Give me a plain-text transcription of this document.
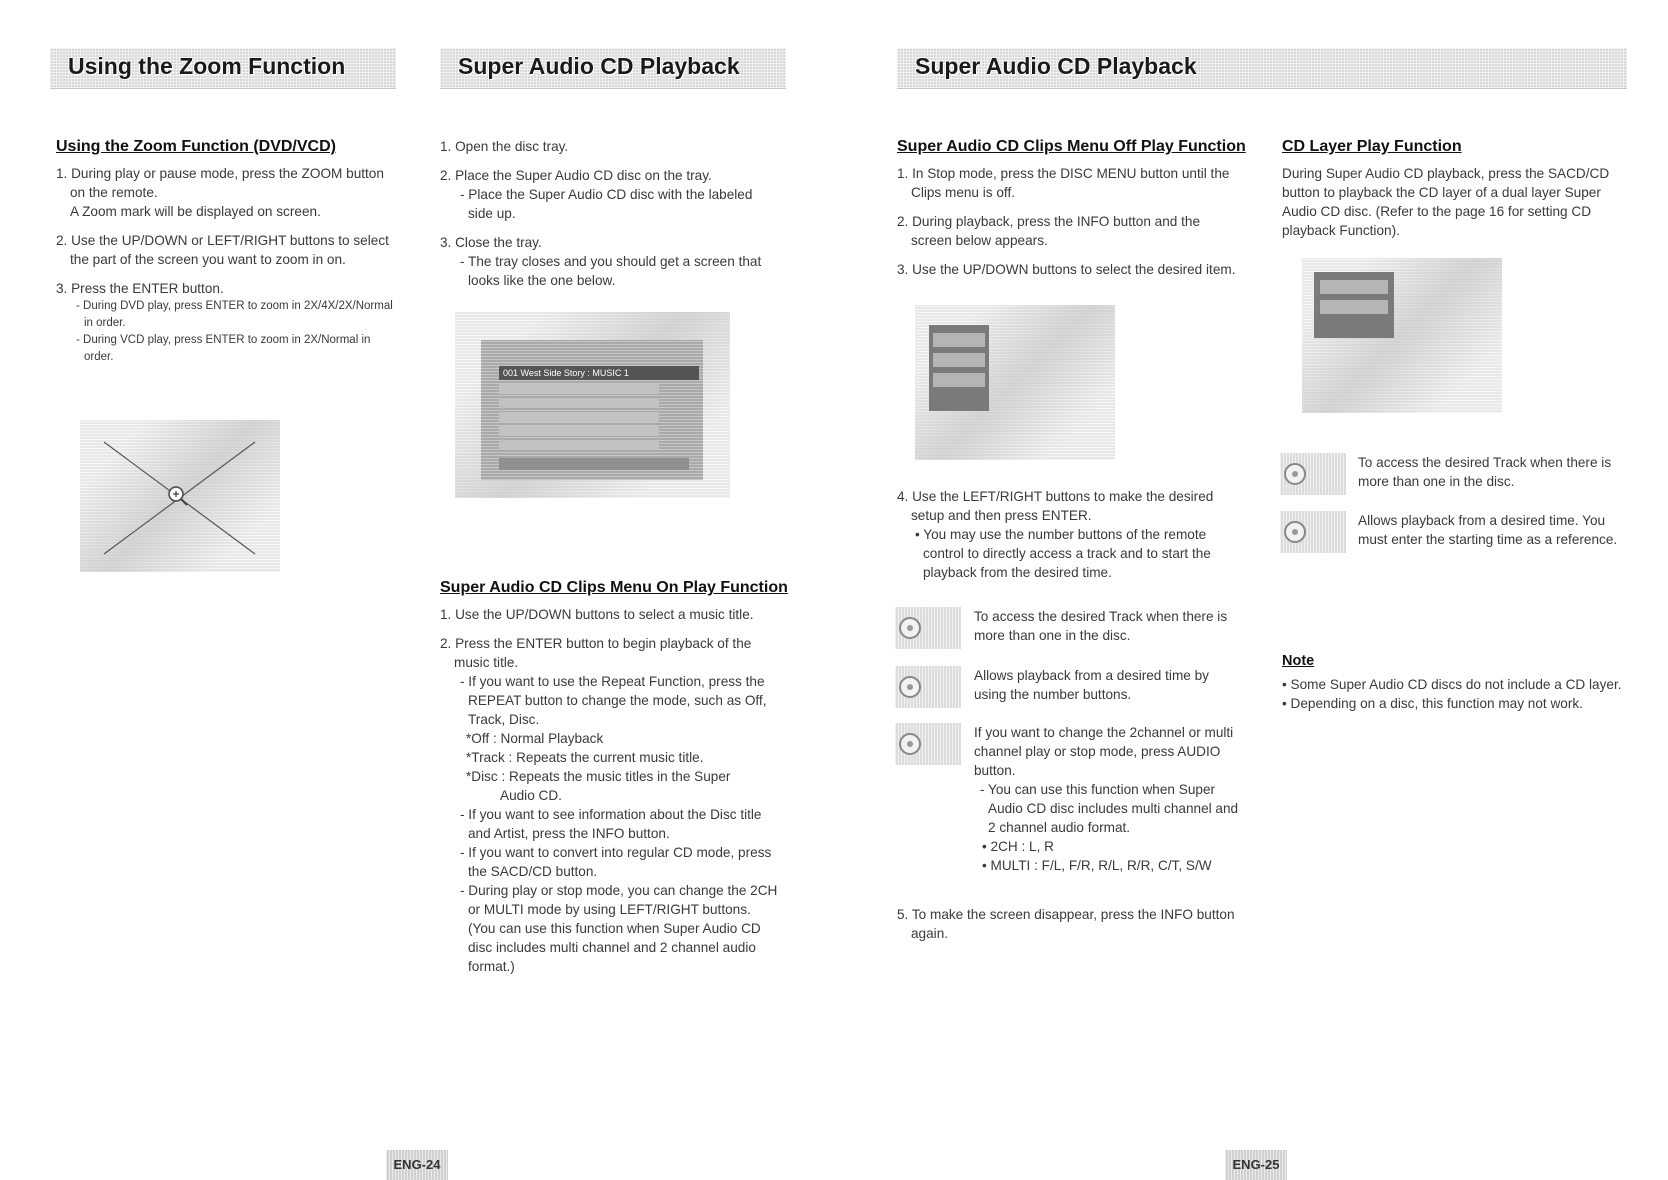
Using the Zoom Function	Super Audio CD Playback	Super Audio CD Playback
Using the Zoom Function (DVD/VCD)

1. During play or pause mode, press the ZOOM button on the remote.

A Zoom mark will be displayed on screen.

2. Use the UP/DOWN or LEFT/RIGHT buttons to select the part of the screen you want to zoom in on.

3. Press the ENTER button.

- During DVD play, press ENTER to zoom in 2X/4X/2X/Normal in order.

- During VCD play, press ENTER to zoom in 2X/Normal in order.

1. Open the disc tray.

2. Place the Super Audio CD disc on the tray.

- Place the Super Audio CD disc with the labeled side up.

3. Close the tray.

- The tray closes and you should get a screen that looks like the one below.

001 West Side Story : MUSIC 1
Super Audio CD Clips Menu On Play Function

1. Use the UP/DOWN buttons to select a music title.

2. Press the ENTER button to begin playback of the music title.

- If you want to use the Repeat Function, press the REPEAT button to change the mode, such as Off, Track, Disc.

*Off : Normal Playback

*Track : Repeats the current music title.

*Disc : Repeats the music titles in the Super

Audio CD.

- If you want to see information about the Disc title and Artist, press the INFO button.

- If you want to convert into regular CD mode, press the SACD/CD button.

- During play or stop mode, you can change the 2CH or MULTI mode by using LEFT/RIGHT buttons. (You can use this function when Super Audio CD disc includes multi channel and 2 channel audio format.)

Super Audio CD Clips Menu Off Play Function

1. In Stop mode, press the DISC MENU button until the Clips menu is off.

2. During playback, press the INFO button and the screen below appears.

3. Use the UP/DOWN buttons to select the desired item.

4. Use the LEFT/RIGHT buttons to make the desired setup and then press ENTER.

• You may use the number buttons of the remote control to directly access a track and to start the playback from the desired time.

To access the desired Track when there is more than one in the disc.

Allows playback from a desired time by using the number buttons.

If you want to change the 2channel or multi channel play or stop mode, press AUDIO button.

- You can use this function when Super Audio CD disc includes multi channel and 2 channel audio format.

• 2CH : L, R

• MULTI : F/L, F/R, R/L, R/R, C/T, S/W

5. To make the screen disappear, press the INFO button again.

CD Layer Play Function

During Super Audio CD playback, press the SACD/CD button to playback the CD layer of a dual layer Super Audio CD disc. (Refer to the page 16 for setting CD playback Function).

To access the desired Track when there is more than one in the disc.

Allows playback from a desired time. You must enter the starting time as a reference.

Note

• Some Super Audio CD discs do not include a CD layer.

• Depending on a disc, this function may not work.

ENG-24	ENG-25
